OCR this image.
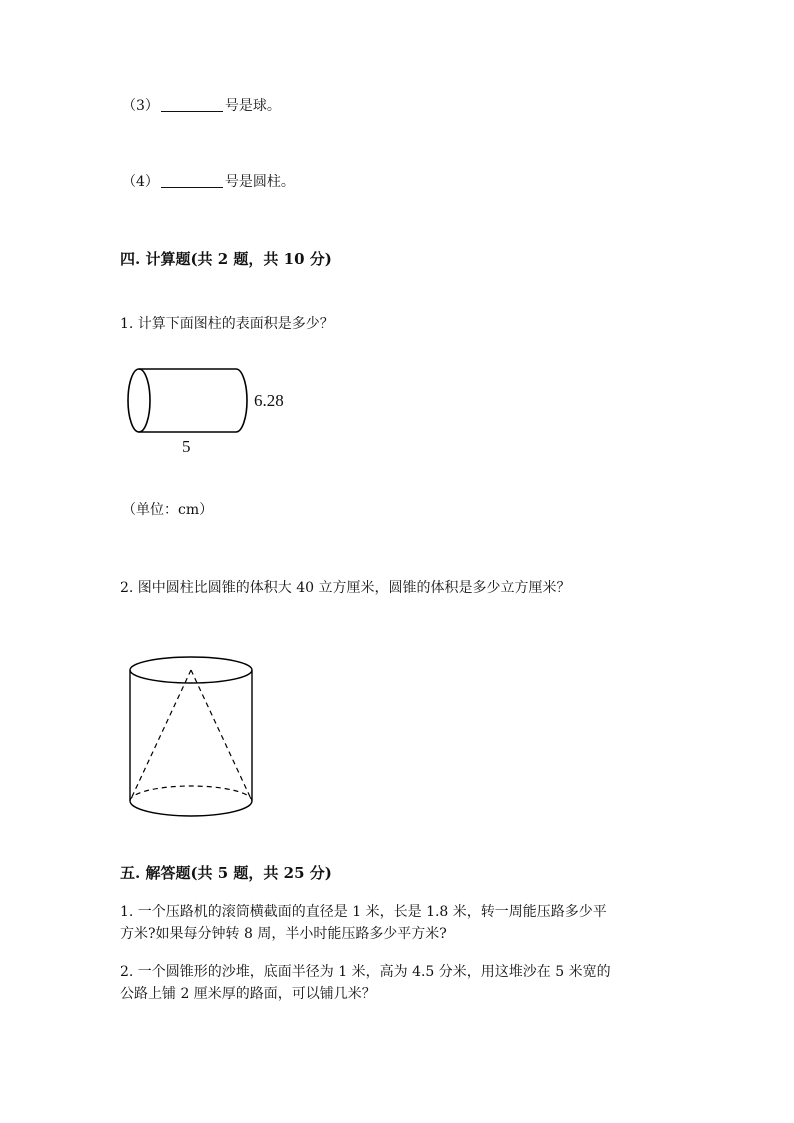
（3）	号是球。
（4）	号是圆柱。
四. 计算题(共 2 题，共 10 分)
1. 计算下面图柱的表面积是多少？
6.28
5
（单位：cm）
2. 图中圆柱比圆锥的体积大 40 立方厘米，圆锥的体积是多少立方厘米？
五. 解答题(共 5 题，共 25 分)
1. 一个压路机的滚筒横截面的直径是 1 米，长是 1.8 米，转一周能压路多少平
方米?如果每分钟转 8 周，半小时能压路多少平方米?
2. 一个圆锥形的沙堆，底面半径为 1 米，高为 4.5 分米，用这堆沙在 5 米宽的
公路上铺 2 厘米厚的路面，可以铺几米？
